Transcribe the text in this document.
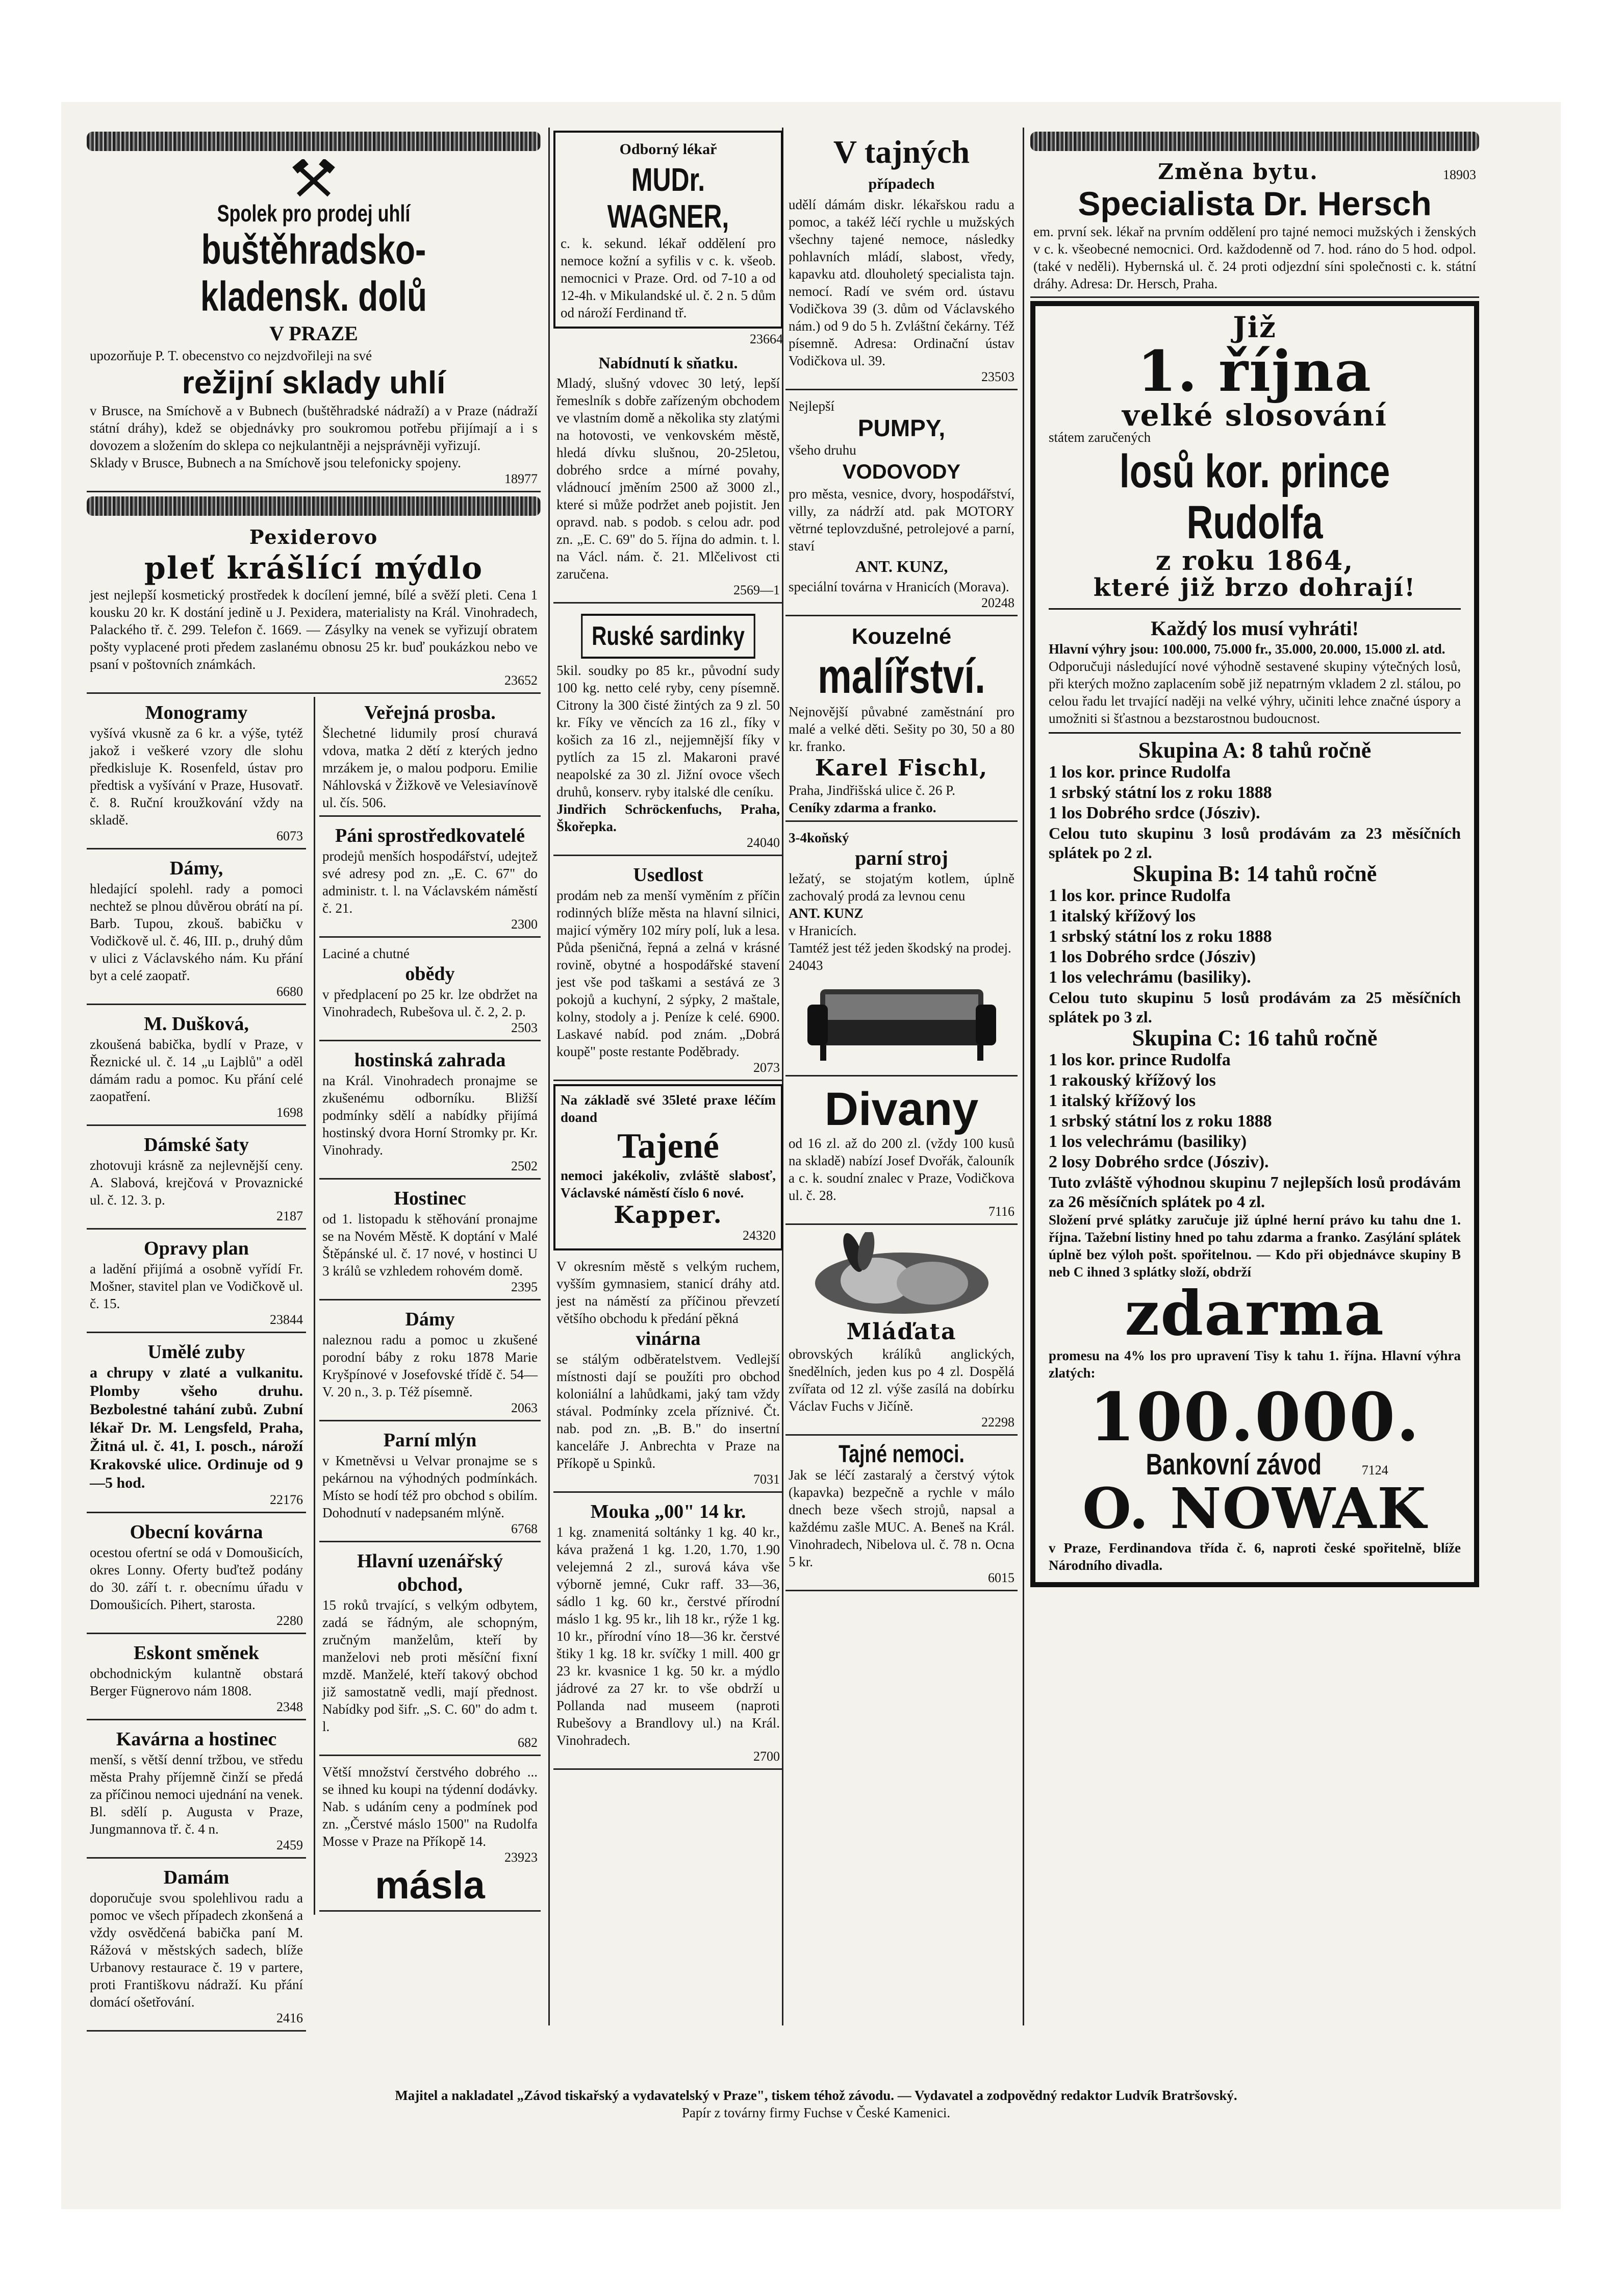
Spolek pro prodej uhlí
buštěhradsko-kladensk. dolů
V PRAZE
upozorňuje P. T. obecenstvo co nejzdvořileji na své
režijní sklady uhlí
v Brusce, na Smíchově a v Bubnech (buštěhradské nádraží) a v Praze (nádraží státní dráhy), kdež se objednávky pro soukromou potřebu přijímají a i s dovozem a složením do sklepa co nejkulantněji a nejsprávněji vyřizují.
Sklady v Brusce, Bubnech a na Smíchově jsou telefonicky spojeny.
18977
Pexiderovo
pleť krášlící mýdlo
jest nejlepší kosmetický prostředek k docílení jemné, bílé a svěží pleti. Cena 1 kousku 20 kr. K dostání jedině u J. Pexidera, materialisty na Král. Vinohradech, Palackého tř. č. 299. Telefon č. 1669. — Zásylky na venek se vyřizují obratem pošty vyplacené proti předem zaslanému obnosu 25 kr. buď poukázkou nebo ve psaní v poštovních známkách.
23652
Monogramy
vyšívá vkusně za 6 kr. a výše, tytéž jakož i veškeré vzory dle slohu předkisluje K. Rosenfeld, ústav pro předtisk a vyšívání v Praze, Husovatř. č. 8. Ruční kroužkování vždy na skladě.
6073
Dámy,
hledající spolehl. rady a pomoci nechtež se plnou důvěrou obrátí na pí. Barb. Tupou, zkouš. babičku v Vodičkově ul. č. 46, III. p., druhý dům v ulici z Václavského nám. Ku přání byt a celé zaopatř.
6680
M. Dušková,
zkoušená babička, bydlí v Praze, v Řeznické ul. č. 14 „u Lajblů" a oděl dámám radu a pomoc. Ku přání celé zaopatření.
1698
Dámské šaty
zhotovuji krásně za nejlevnější ceny. A. Slabová, krejčová v Provaznické ul. č. 12. 3. p.
2187
Opravy plan
a ladění přijímá a osobně vyřídí Fr. Mošner, stavitel plan ve Vodičkově ul. č. 15.
23844
Umělé zuby
a chrupy v zlaté a vulkanitu. Plomby všeho druhu. Bezbolestné tahání zubů. Zubní lékař Dr. M. Lengsfeld, Praha, Žitná ul. č. 41, I. posch., nároží Krakovské ulice. Ordinuje od 9—5 hod.
22176
Obecní kovárna
ocestou ofertní se odá v Domoušicích, okres Lonny. Oferty buďtež podány do 30. září t. r. obecnímu úřadu v Domoušicích. Pihert, starosta.
2280
Eskont směnek
obchodnickým kulantně obstará Berger Fügnerovo nám 1808.
2348
Kavárna a hostinec
menší, s větší denní tržbou, ve středu města Prahy příjemně činží se předá za příčinou nemoci ujednání na venek. Bl. sdělí p. Augusta v Praze, Jungmannova tř. č. 4 n.
2459
Damám
doporučuje svou spolehlivou radu a pomoc ve všech případech zkonšená a vždy osvědčená babička paní M. Rážová v městských sadech, blíže Urbanovy restaurace č. 19 v partere, proti Františkovu nádraží. Ku přání domácí ošetřování.
2416
Veřejná prosba.
Šlechetné lidumily prosí churavá vdova, matka 2 dětí z kterých jedno mrzákem je, o malou podporu. Emilie Náhlovská v Žižkově ve Velesiavínově ul. čís. 506.
Páni sprostředkovatelé
prodejů menších hospodářství, udejtež své adresy pod zn. „E. C. 67" do administr. t. l. na Václavském náměstí č. 21.
2300
Laciné a chutné
obědy
v předplacení po 25 kr. lze obdržet na Vinohradech, Rubešova ul. č. 2, 2. p.
2503
hostinská zahrada
na Král. Vinohradech pronajme se zkušenému odborníku. Bližší podmínky sdělí a nabídky přijímá hostinský dvora Horní Stromky pr. Kr. Vinohrady.
2502
Hostinec
od 1. listopadu k stěhování pronajme se na Novém Městě. K doptání v Malé Štěpánské ul. č. 17 nové, v hostinci U 3 králů se vzhledem rohovém domě.
2395
Dámy
naleznou radu a pomoc u zkušené porodní báby z roku 1878 Marie Kryšpínové v Josefovské třídě č. 54—V. 20 n., 3. p. Též písemně.
2063
Parní mlýn
v Kmetněvsi u Velvar pronajme se s pekárnou na výhodných podmínkách. Místo se hodí též pro obchod s obilím. Dohodnutí v nadepsaném mlýně.
6768
Hlavní uzenářský obchod,
15 roků trvající, s velkým odbytem, zadá se řádným, ale schopným, zručným manželům, kteří by manželovi neb proti měsíční fixní mzdě. Manželé, kteří takový obchod již samostatně vedli, mají přednost. Nabídky pod šifr. „S. C. 60" do adm t. l.
682
Větší množství čerstvého dobrého ... se ihned ku koupi na týdenní dodávky. Nab. s udáním ceny a podmínek pod zn. „Čerstvé máslo 1500" na Rudolfa Mosse v Praze na Příkopě 14.
23923
másla
Odborný lékař
MUDr. WAGNER,
c. k. sekund. lékař oddělení pro nemoce kožní a syfilis v c. k. všeob. nemocnici v Praze. Ord. od 7-10 a od 12-4h. v Mikulandské ul. č. 2 n. 5 dům od nároží Ferdinand tř.
23664
Nabídnutí k sňatku.
Mladý, slušný vdovec 30 letý, lepší řemeslník s dobře zařízeným obchodem ve vlastním domě a několika sty zlatými na hotovosti, ve venkovském městě, hledá dívku slušnou, 20-25letou, dobrého srdce a mírné povahy, vládnoucí jměním 2500 až 3000 zl., které si může podržet aneb pojistit. Jen opravd. nab. s podob. s celou adr. pod zn. „E. C. 69" do 5. října do admin. t. l. na Václ. nám. č. 21. Mlčelivost cti zaručena.
2569—1
Ruské sardinky
5kil. soudky po 85 kr., původní sudy 100 kg. netto celé ryby, ceny písemně. Citrony la 300 čisté žintých za 9 zl. 50 kr. Fíky ve věncích za 16 zl., fíky v košich za 16 zl., nejjemnější fíky v pytlích za 15 zl. Makaroni pravé neapolské za 30 zl. Jižní ovoce všech druhů, konserv. ryby italské dle ceníku.
Jindřich Schröckenfuchs, Praha, Škořepka.
24040
Usedlost
prodám neb za menší vyměním z příčin rodinných blíže města na hlavní silnici, majicí výměry 102 míry polí, luk a lesa. Půda pšeničná, řepná a zelná v krásné rovině, obytné a hospodářské stavení jest vše pod taškami a sestává ze 3 pokojů a kuchyní, 2 sýpky, 2 maštale, kolny, stodoly a j. Peníze k celé. 6900. Laskavé nabíd. pod znám. „Dobrá koupě" poste restante Poděbrady.
2073
Na základě své 35leté praxe léčím doand
Tajené
nemoci jakékoliv, zvláště slabosť, Václavské náměstí číslo 6 nové.
Kapper.
24320
V okresním městě s velkým ruchem, vyšším gymnasiem, stanicí dráhy atd. jest na náměstí za příčinou převzetí většího obchodu k předání pěkná
vinárna
se stálým odběratelstvem. Vedlejší místnosti dají se použíti pro obchod koloniální a lahůdkami, jaký tam vždy stával. Podmínky zcela příznivé. Čt. nab. pod zn. „B. B." do insertní kanceláře J. Anbrechta v Praze na Příkopě u Spinků.
7031
Mouka „00" 14 kr.
1 kg. znamenitá soltánky 1 kg. 40 kr., káva pražená 1 kg. 1.20, 1.70, 1.90 velejemná 2 zl., surová káva vše výborně jemné, Cukr raff. 33—36, sádlo 1 kg. 60 kr., čerstvé přírodní máslo 1 kg. 95 kr., lih 18 kr., rýže 1 kg. 10 kr., přírodní víno 18—36 kr. čerstvé štiky 1 kg. 18 kr. svíčky 1 mill. 400 gr 23 kr. kvasnice 1 kg. 50 kr. a mýdlo jádrové za 27 kr. to vše obdrží u Pollanda nad museem (naproti Rubešovy a Brandlovy ul.) na Král. Vinohradech.
2700
V tajných
případech
udělí dámám diskr. lékařskou radu a pomoc, a takéž léčí rychle u mužských všechny tajené nemoce, následky pohlavních mládí, slabost, vředy, kapavku atd. dlouholetý specialista tajn. nemocí. Radí ve svém ord. ústavu Vodičkova 39 (3. dům od Václavského nám.) od 9 do 5 h. Zvláštní čekárny. Též písemně. Adresa: Ordinační ústav Vodičkova ul. 39.
23503
Nejlepší
PUMPY,
všeho druhu
VODOVODY
pro města, vesnice, dvory, hospodářství, villy, za nádrží atd. pak MOTORY větrné teplovzdušné, petrolejové a parní, staví
ANT. KUNZ,
speciální továrna v Hranicích (Morava).
20248
Kouzelné
malířství.
Nejnovější půvabné zaměstnání pro malé a velké děti. Sešity po 30, 50 a 80 kr. franko.
Karel Fischl,
Praha, Jindřišská ulice č. 26 P.
Ceníky zdarma a franko.
3-4koňský
parní stroj
ležatý, se stojatým kotlem, úplně zachovalý prodá za levnou cenu
ANT. KUNZ
v Hranicích.
Tamtéž jest též jeden škodský na prodej.
24043
Divany
od 16 zl. až do 200 zl. (vždy 100 kusů na skladě) nabízí Josef Dvořák, čalouník a c. k. soudní znalec v Praze, Vodičkova ul. č. 28.
7116
Mláďata
obrovských králíků anglických, šnedělních, jeden kus po 4 zl. Dospělá zvířata od 12 zl. výše zasílá na dobírku Václav Fuchs v Jičíně.
22298
Tajné nemoci.
Jak se léčí zastaralý a čerstvý výtok (kapavka) bezpečně a rychle v málo dnech beze všech strojů, napsal a každému zašle MUC. A. Beneš na Král. Vinohradech, Nibelova ul. č. 78 n. Ocna 5 kr.
6015
Změna bytu.	18903
Specialista Dr. Hersch
em. první sek. lékař na prvním oddělení pro tajné nemoci mužských i ženských v c. k. všeobecné nemocnici. Ord. každodenně od 7. hod. ráno do 5 hod. odpol. (také v neděli). Hybernská ul. č. 24 proti odjezdní síni společnosti c. k. státní dráhy. Adresa: Dr. Hersch, Praha.
Již
1. října
velké slosování
státem zaručených
losů kor. prince Rudolfa
z roku 1864,
které již brzo dohrají!
Každý los musí vyhráti!
Hlavní výhry jsou: 100.000, 75.000 fr., 35.000, 20.000, 15.000 zl. atd.
Odporučuji následující nové výhodně sestavené skupiny výtečných losů, při kterých možno zaplacením sobě již nepatrným vkladem 2 zl. stálou, po celou řadu let trvající naději na velké výhry, učiniti lehce značné úspory a umožniti si šťastnou a bezstarostnou budoucnost.
Skupina A: 8 tahů ročně
1 los kor. prince Rudolfa
1 srbský státní los z roku 1888
1 los Dobrého srdce (Jósziv).
Celou tuto skupinu 3 losů prodávám za 23 měsíčních splátek po 2 zl.
Skupina B: 14 tahů ročně
1 los kor. prince Rudolfa
1 italský křížový los
1 srbský státní los z roku 1888
1 los Dobrého srdce (Jósziv)
1 los velechrámu (basiliky).
Celou tuto skupinu 5 losů prodávám za 25 měsíčních splátek po 3 zl.
Skupina C: 16 tahů ročně
1 los kor. prince Rudolfa
1 rakouský křížový los
1 italský křížový los
1 srbský státní los z roku 1888
1 los velechrámu (basiliky)
2 losy Dobrého srdce (Jósziv).
Tuto zvláště výhodnou skupinu 7 nejlepších losů prodávám za 26 měsíčních splátek po 4 zl.
Složení prvé splátky zaručuje již úplné herní právo ku tahu dne 1. října. Tažební listiny hned po tahu zdarma a franko. Zasýlání splátek úplně bez výloh pošt. spořitelnou. — Kdo při objednávce skupiny B neb C ihned 3 splátky složí, obdrží
zdarma
promesu na 4% los pro upravení Tisy k tahu 1. října. Hlavní výhra zlatých:
100.000.
Bankovní závod	7124
O. NOWAK
v Praze, Ferdinandova třída č. 6, naproti české spořitelně, blíže Národního divadla.
Majitel a nakladatel „Závod tiskařský a vydavatelský v Praze", tiskem téhož závodu. — Vydavatel a zodpovědný redaktor Ludvík Bratršovský.
Papír z továrny firmy Fuchse v České Kamenici.
